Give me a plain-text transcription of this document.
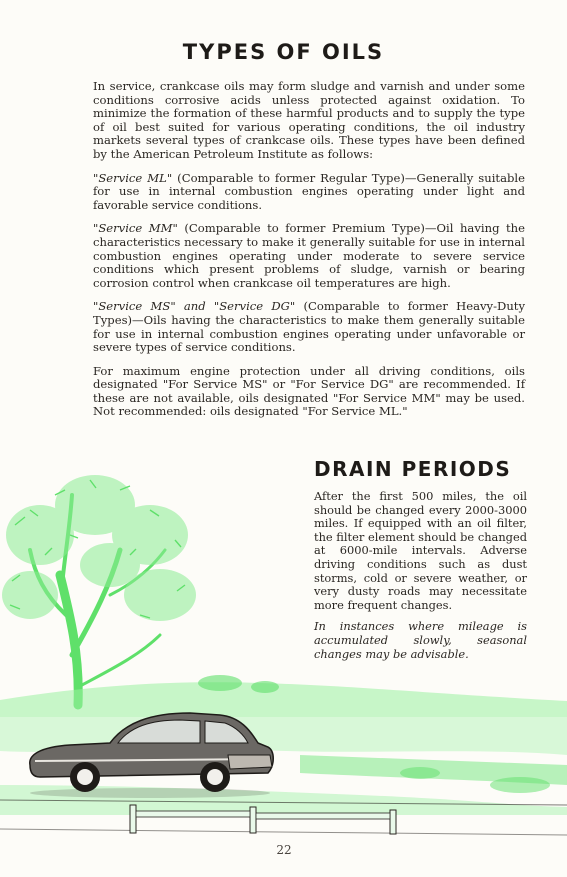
TYPES OF OILS

In service, crankcase oils may form sludge and varnish and under some conditions corrosive acids unless protected against oxidation. To minimize the formation of these harmful products and to supply the type of oil best suited for various operating conditions, the oil industry markets several types of crankcase oils. These types have been defined by the American Petroleum Institute as follows:

"Service ML" (Comparable to former Regular Type)—Generally suitable for use in internal combustion engines operating under light and favorable service conditions.

"Service MM" (Comparable to former Premium Type)—Oil having the characteristics necessary to make it generally suitable for use in internal combustion engines operating under moderate to severe service conditions which present problems of sludge, varnish or bearing corrosion control when crankcase oil temperatures are high.

"Service MS" and "Service DG" (Comparable to former Heavy-Duty Types)—Oils having the characteristics to make them generally suitable for use in internal combustion engines operating under unfavorable or severe types of service conditions.

For maximum engine protection under all driving conditions, oils designated "For Service MS" or "For Service DG" are recommended. If these are not available, oils designated "For Service MM" may be used. Not recommended: oils designated "For Service ML."

DRAIN PERIODS

After the first 500 miles, the oil should be changed every 2000-3000 miles. If equipped with an oil filter, the filter element should be changed at 6000-mile intervals. Adverse driving conditions such as dust storms, cold or severe weather, or very dusty roads may necessitate more frequent changes.

In instances where mileage is accumulated slowly, seasonal changes may be advisable.

22
